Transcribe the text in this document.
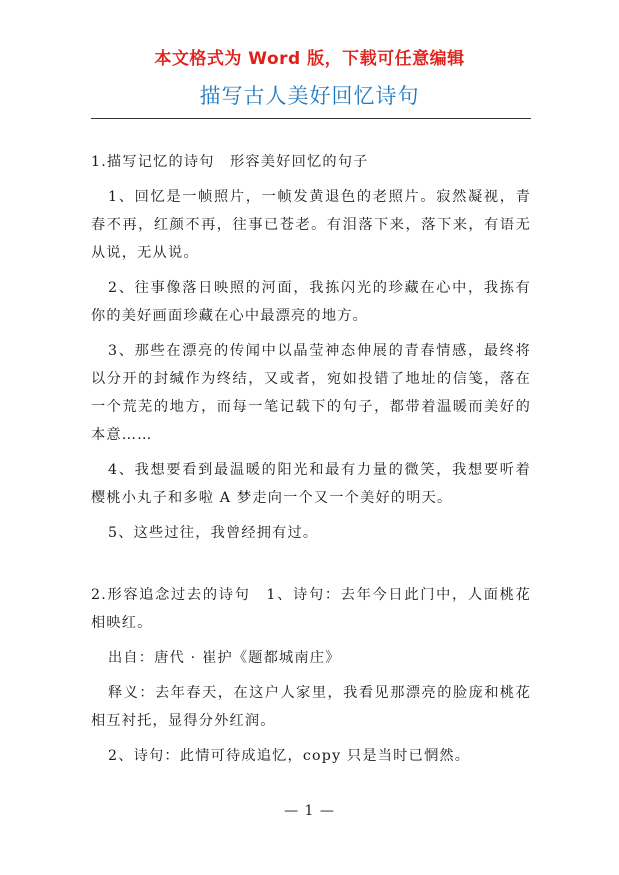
本文格式为 Word 版，下载可任意编辑
描写古人美好回忆诗句

1.描写记忆的诗句　形容美好回忆的句子

1、回忆是一帧照片，一帧发黄退色的老照片。寂然凝视，青春不再，红颜不再，往事已苍老。有泪落下来，落下来，有语无从说，无从说。

2、往事像落日映照的河面，我拣闪光的珍藏在心中，我拣有你的美好画面珍藏在心中最漂亮的地方。

3、那些在漂亮的传闻中以晶莹神态伸展的青春情感，最终将以分开的封缄作为终结，又或者，宛如投错了地址的信笺，落在一个荒芜的地方，而每一笔记载下的句子，都带着温暖而美好的本意……

4、我想要看到最温暖的阳光和最有力量的微笑，我想要听着樱桃小丸子和多啦 A 梦走向一个又一个美好的明天。

5、这些过往，我曾经拥有过。

2.形容追念过去的诗句　1、诗句：去年今日此门中，人面桃花相映红。

出自：唐代 · 崔护《题都城南庄》

释义：去年春天，在这户人家里，我看见那漂亮的脸庞和桃花相互衬托，显得分外红润。

2、诗句：此情可待成追忆，copy 只是当时已惘然。

— 1 —
